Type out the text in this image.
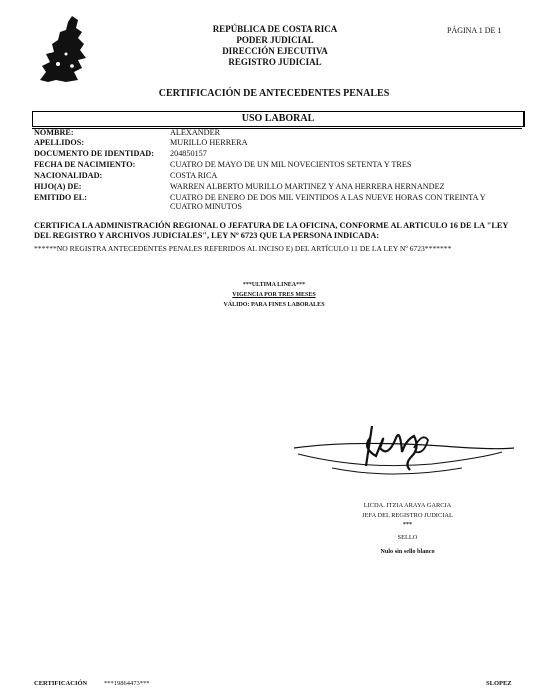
REPÚBLICA DE COSTA RICA
PODER JUDICIAL
DIRECCIÓN EJECUTIVA
REGISTRO JUDICIAL
PÁGINA 1 DE 1
CERTIFICACIÓN DE ANTECEDENTES PENALES
USO LABORAL
NOMBRE:	ALEXANDER
APELLIDOS:	MURILLO HERRERA
DOCUMENTO DE IDENTIDAD:	204850157
FECHA DE NACIMIENTO:	CUATRO DE MAYO DE UN MIL NOVECIENTOS SETENTA Y TRES
NACIONALIDAD:	COSTA RICA
HIJO(A) DE:	WARREN ALBERTO MURILLO MARTINEZ Y ANA HERRERA HERNANDEZ
EMITIDO EL:	CUATRO DE ENERO DE DOS MIL VEINTIDOS A LAS NUEVE HORAS CON TREINTA Y CUATRO MINUTOS
CERTIFICA LA ADMINISTRACIÓN REGIONAL O JEFATURA DE LA OFICINA, CONFORME AL ARTICULO 16 DE LA "LEY DEL REGISTRO Y ARCHIVOS JUDICIALES", LEY Nº 6723 QUE LA PERSONA INDICADA:
******NO REGISTRA ANTECEDENTES PENALES REFERIDOS AL INCISO E) DEL ARTÍCULO 11 DE LA LEY Nº 6723*******
***ULTIMA LINEA***
VIGENCIA POR TRES MESES
VÁLIDO: PARA FINES LABORALES
LICDA. ITZIA ARAYA GARCIA
JEFA DEL REGISTRO JUDICIAL
***
SELLO
Nulo sin sello blanco
CERTIFICACIÓN	***19864473***	SLOPEZ
